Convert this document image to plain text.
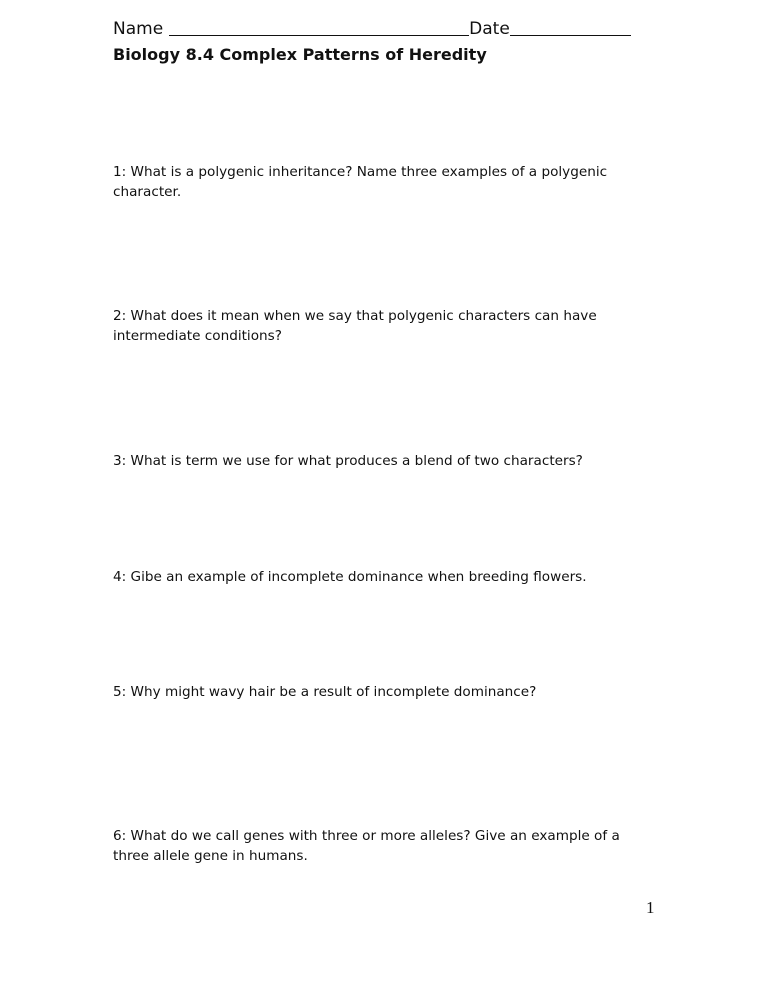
Name	Date
Biology 8.4 Complex Patterns of Heredity
1: What is a polygenic inheritance? Name three examples of a polygenic character.
2: What does it mean when we say that polygenic characters can have intermediate conditions?
3: What is term we use for what produces a blend of two characters?
4: Gibe an example of incomplete dominance when breeding flowers.
5: Why might wavy hair be a result of incomplete dominance?
6: What do we call genes with three or more alleles? Give an example of a three allele gene in humans.
1
